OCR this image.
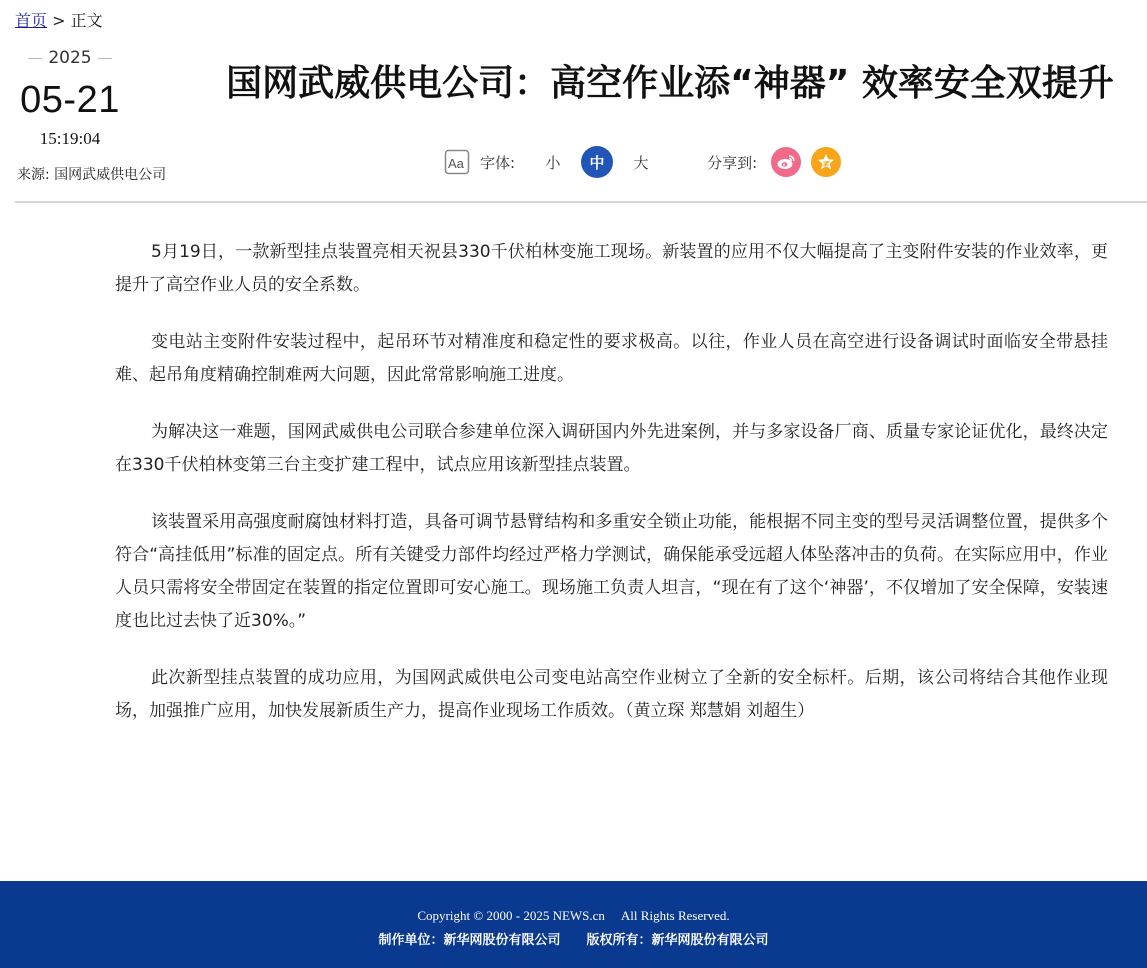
首页 > 正文
2025
05-21
15:19:04
来源: 国网武威供电公司
国网武威供电公司：高空作业添“神器” 效率安全双提升
Aa 字体:	小	中	大	分享到:

5月19日，一款新型挂点装置亮相天祝县330千伏柏林变施工现场。新装置的应用不仅大幅提高了主变附件安装的作业效率，更提升了高空作业人员的安全系数。

变电站主变附件安装过程中，起吊环节对精准度和稳定性的要求极高。以往，作业人员在高空进行设备调试时面临安全带悬挂难、起吊角度精确控制难两大问题，因此常常影响施工进度。

为解决这一难题，国网武威供电公司联合参建单位深入调研国内外先进案例，并与多家设备厂商、质量专家论证优化，最终决定在330千伏柏林变第三台主变扩建工程中，试点应用该新型挂点装置。

该装置采用高强度耐腐蚀材料打造，具备可调节悬臂结构和多重安全锁止功能，能根据不同主变的型号灵活调整位置，提供多个符合“高挂低用”标准的固定点。所有关键受力部件均经过严格力学测试，确保能承受远超人体坠落冲击的负荷。在实际应用中，作业人员只需将安全带固定在装置的指定位置即可安心施工。现场施工负责人坦言，“现在有了这个‘神器’，不仅增加了安全保障，安装速度也比过去快了近30%。”

此次新型挂点装置的成功应用，为国网武威供电公司变电站高空作业树立了全新的安全标杆。后期，该公司将结合其他作业现场，加强推广应用，加快发展新质生产力，提高作业现场工作质效。（黄立琛 郑慧娟 刘超生）

Copyright © 2000 - 2025 NEWS.cn All Rights Reserved.
制作单位：新华网股份有限公司 版权所有：新华网股份有限公司
